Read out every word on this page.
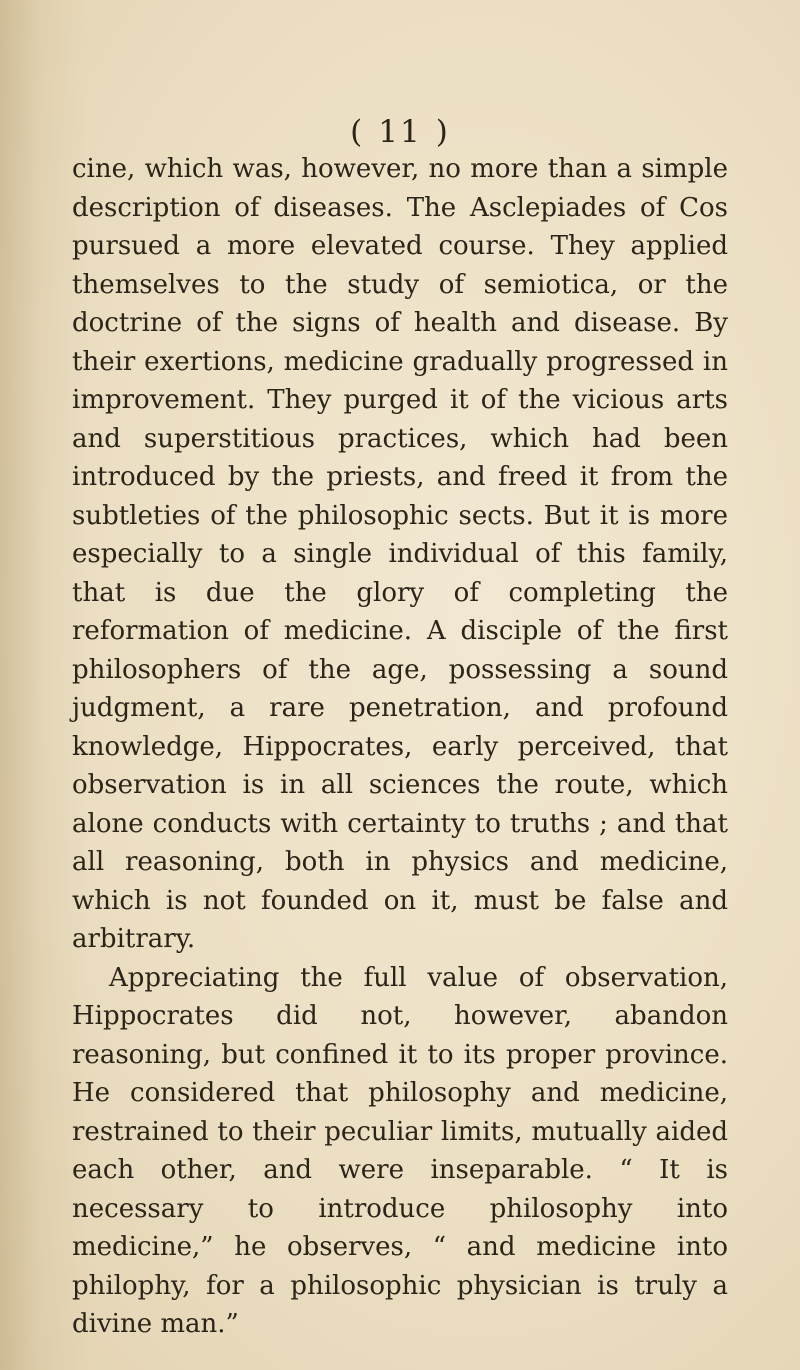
( 11 )

cine, which was, however, no more than a simple description of diseases. The Asclepiades of Cos pursued a more elevated course. They applied themselves to the study of semiotica, or the doctrine of the signs of health and disease. By their exertions, medicine gradually progressed in improvement. They purged it of the vicious arts and superstitious practices, which had been introduced by the priests, and freed it from the subtleties of the philosophic sects. But it is more especially to a single individual of this family, that is due the glory of completing the reformation of medicine. A disciple of the first philosophers of the age, possessing a sound judgment, a rare penetration, and profound knowledge, Hippocrates, early perceived, that observation is in all sciences the route, which alone conducts with certainty to truths ; and that all reasoning, both in physics and medicine, which is not founded on it, must be false and arbitrary.

Appreciating the full value of observation, Hippocrates did not, however, abandon reasoning, but confined it to its proper province. He considered that philosophy and medicine, restrained to their peculiar limits, mutually aided each other, and were inseparable. “ It is necessary to introduce philosophy into medicine,” he observes, “ and medicine into philophy, for a philosophic physician is truly a divine man.”
